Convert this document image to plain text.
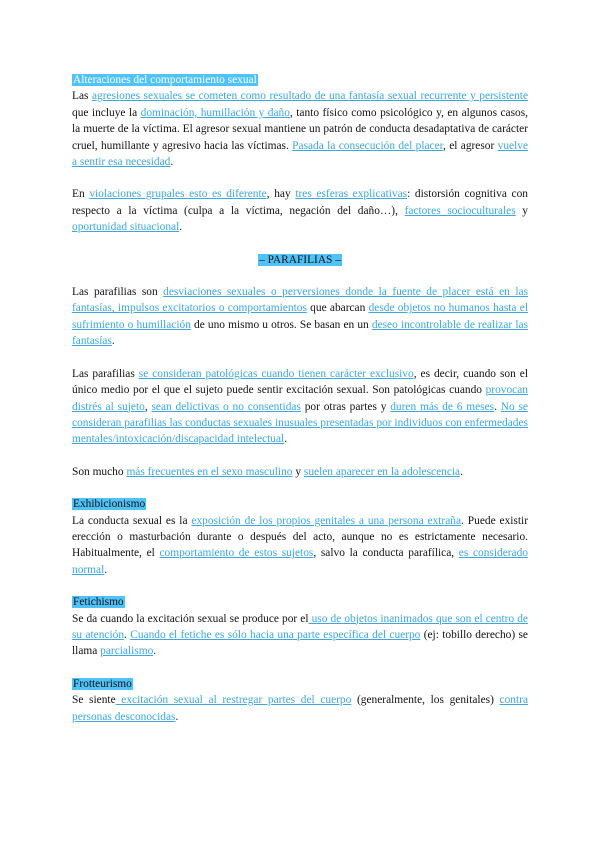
Alteraciones del comportamiento sexual

Las agresiones sexuales se cometen como resultado de una fantasía sexual recurrente y persistente que incluye la dominación, humillación y daño, tanto físico como psicológico y, en algunos casos, la muerte de la víctima. El agresor sexual mantiene un patrón de conducta desadaptativa de carácter cruel, humillante y agresivo hacia las víctimas. Pasada la consecución del placer, el agresor vuelve a sentir esa necesidad.

En violaciones grupales esto es diferente, hay tres esferas explicativas: distorsión cognitiva con respecto a la víctima (culpa a la víctima, negación del daño…), factores socioculturales y oportunidad situacional.

– PARAFILIAS –

Las parafilias son desviaciones sexuales o perversiones donde la fuente de placer está en las fantasías, impulsos excitatorios o comportamientos que abarcan desde objetos no humanos hasta el sufrimiento o humillación de uno mismo u otros. Se basan en un deseo incontrolable de realizar las fantasías.

Las parafilias se consideran patológicas cuando tienen carácter exclusivo, es decir, cuando son el único medio por el que el sujeto puede sentir excitación sexual. Son patológicas cuando provocan distrés al sujeto, sean delictivas o no consentidas por otras partes y duren más de 6 meses. No se consideran parafilias las conductas sexuales inusuales presentadas por individuos con enfermedades mentales/intoxicación/discapacidad intelectual.

Son mucho más frecuentes en el sexo masculino y suelen aparecer en la adolescencia.

Exhibicionismo

La conducta sexual es la exposición de los propios genitales a una persona extraña. Puede existir erección o masturbación durante o después del acto, aunque no es estrictamente necesario. Habitualmente, el comportamiento de estos sujetos, salvo la conducta parafílica, es considerado normal.

Fetichismo

Se da cuando la excitación sexual se produce por el uso de objetos inanimados que son el centro de su atención. Cuando el fetiche es sólo hacia una parte específica del cuerpo (ej: tobillo derecho) se llama parcialismo.

Frotteurismo

Se siente excitación sexual al restregar partes del cuerpo (generalmente, los genitales) contra personas desconocidas.
